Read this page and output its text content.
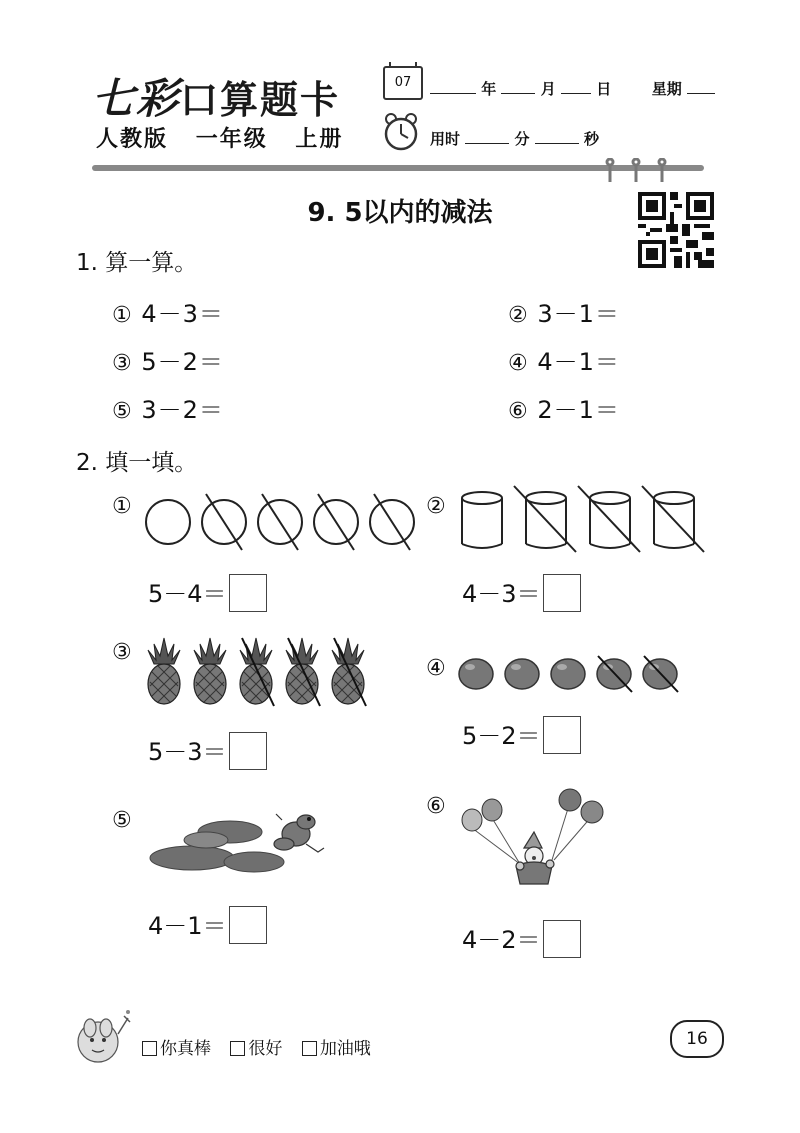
七彩口算题卡
人教版 一年级 上册
07	年	月	日	星期
用时	分	秒
9. 5以内的减法
1. 算一算。
① 4－3＝	② 3－1＝
③ 5－2＝	④ 4－1＝
⑤ 3－2＝	⑥ 2－1＝
2. 填一填。
①
5－4＝
②
4－3＝
③
5－3＝
④
5－2＝
⑤
4－1＝
⑥
4－2＝
你真棒 很好 加油哦	16
